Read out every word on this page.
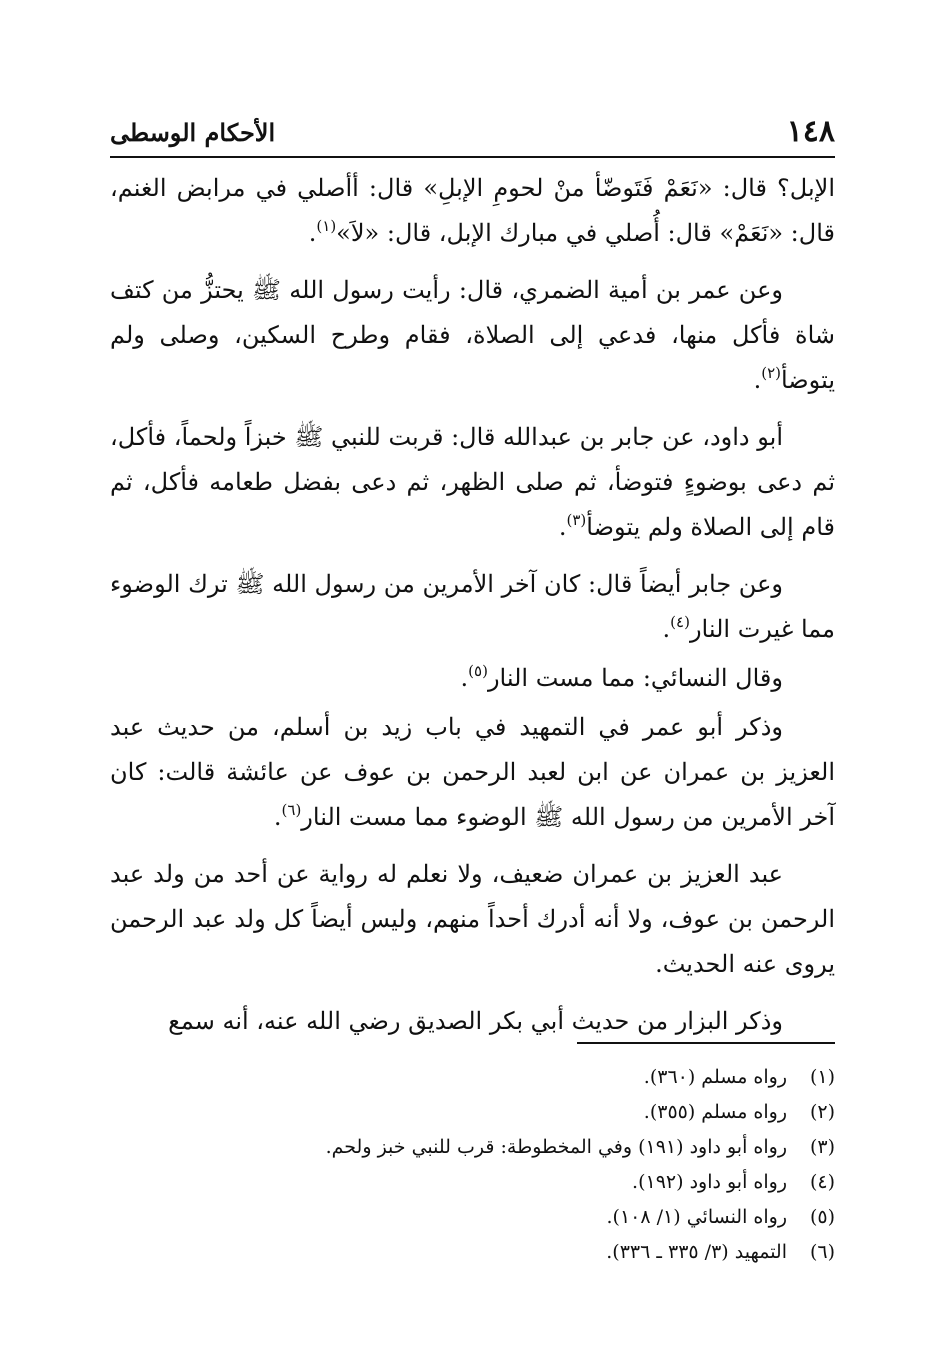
١٤٨
الأحكام الوسطى

الإبل؟ قال: «نَعَمْ فَتَوضّأ منْ لحومِ الإبلِ» قال: أأصلي في مرابض الغنم، قال: «نَعَمْ» قال: أُصلي في مبارك الإبل، قال: «لاَ»$^{(١)}$.

وعن عمر بن أمية الضمري، قال: رأيت رسول الله ﷺ يحتزُّ من كتف شاة فأكل منها، فدعي إلى الصلاة، فقام وطرح السكين، وصلى ولم يتوضأ$^{(٢)}$.

أبو داود، عن جابر بن عبدالله قال: قربت للنبي ﷺ خبزاً ولحماً، فأكل، ثم دعى بوضوءٍ فتوضأ، ثم صلى الظهر، ثم دعى بفضل طعامه فأكل، ثم قام إلى الصلاة ولم يتوضأ$^{(٣)}$.

وعن جابر أيضاً قال: كان آخر الأمرين من رسول الله ﷺ ترك الوضوء مما غيرت النار$^{(٤)}$.

وقال النسائي: مما مست النار$^{(٥)}$.

وذكر أبو عمر في التمهيد في باب زيد بن أسلم، من حديث عبد العزيز بن عمران عن ابن لعبد الرحمن بن عوف عن عائشة قالت: كان آخر الأمرين من رسول الله ﷺ الوضوء مما مست النار$^{(٦)}$.

عبد العزيز بن عمران ضعيف، ولا نعلم له رواية عن أحد من ولد عبد الرحمن بن عوف، ولا أنه أدرك أحداً منهم، وليس أيضاً كل ولد عبد الرحمن يروى عنه الحديث.

وذكر البزار من حديث أبي بكر الصديق رضي الله عنه، أنه سمع

(١)رواه مسلم (٣٦٠).
(٢)رواه مسلم (٣٥٥).
(٣)رواه أبو داود (١٩١) وفي المخطوطة: قرب للنبي خبز ولحم.
(٤)رواه أبو داود (١٩٢).
(٥)رواه النسائي (١/ ١٠٨).
(٦)التمهيد (٣/ ٣٣٥ ـ ٣٣٦).
